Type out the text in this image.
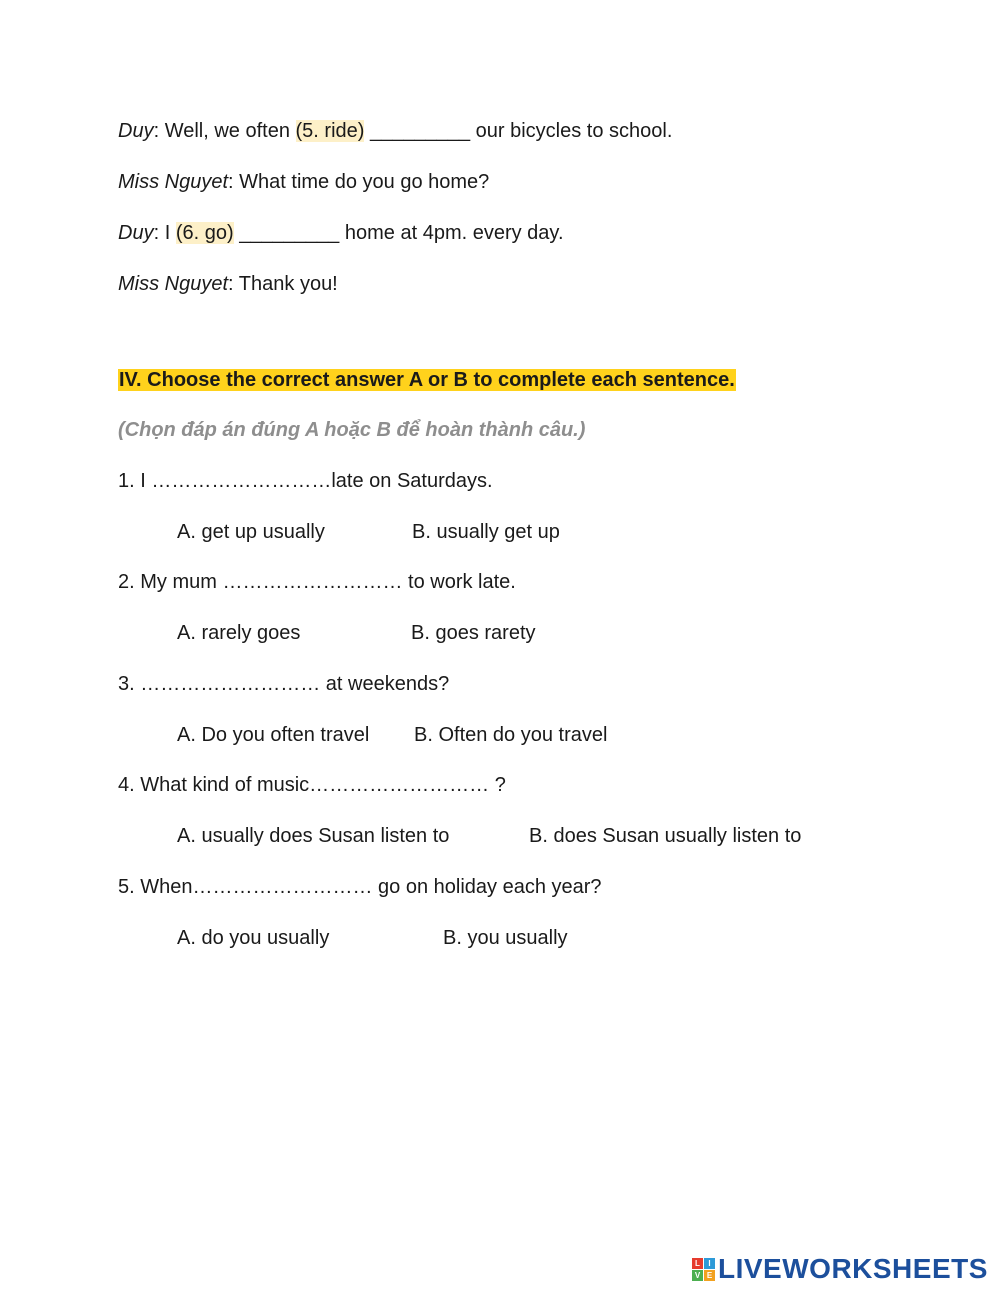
Duy: Well, we often (5. ride) _________ our bicycles to school.
Miss Nguyet: What time do you go home?
Duy: I (6. go) _________ home at 4pm. every day.
Miss Nguyet: Thank you!
IV. Choose the correct answer A or B to complete each sentence.
(Chọn đáp án đúng A hoặc B để hoàn thành câu.)
1. I ………………………late on Saturdays.
A. get up usually	B. usually get up
2. My mum ……………………… to work late.
A. rarely goes	B. goes rarety
3. ……………………… at weekends?
A. Do you often travel B. Often do you travel
4. What kind of music……………………… ?
A. usually does Susan listen to	B. does Susan usually listen to
5. When……………………… go on holiday each year?
A. do you usually	B. you usually
L	I
V E LIVEWORKSHEETS
